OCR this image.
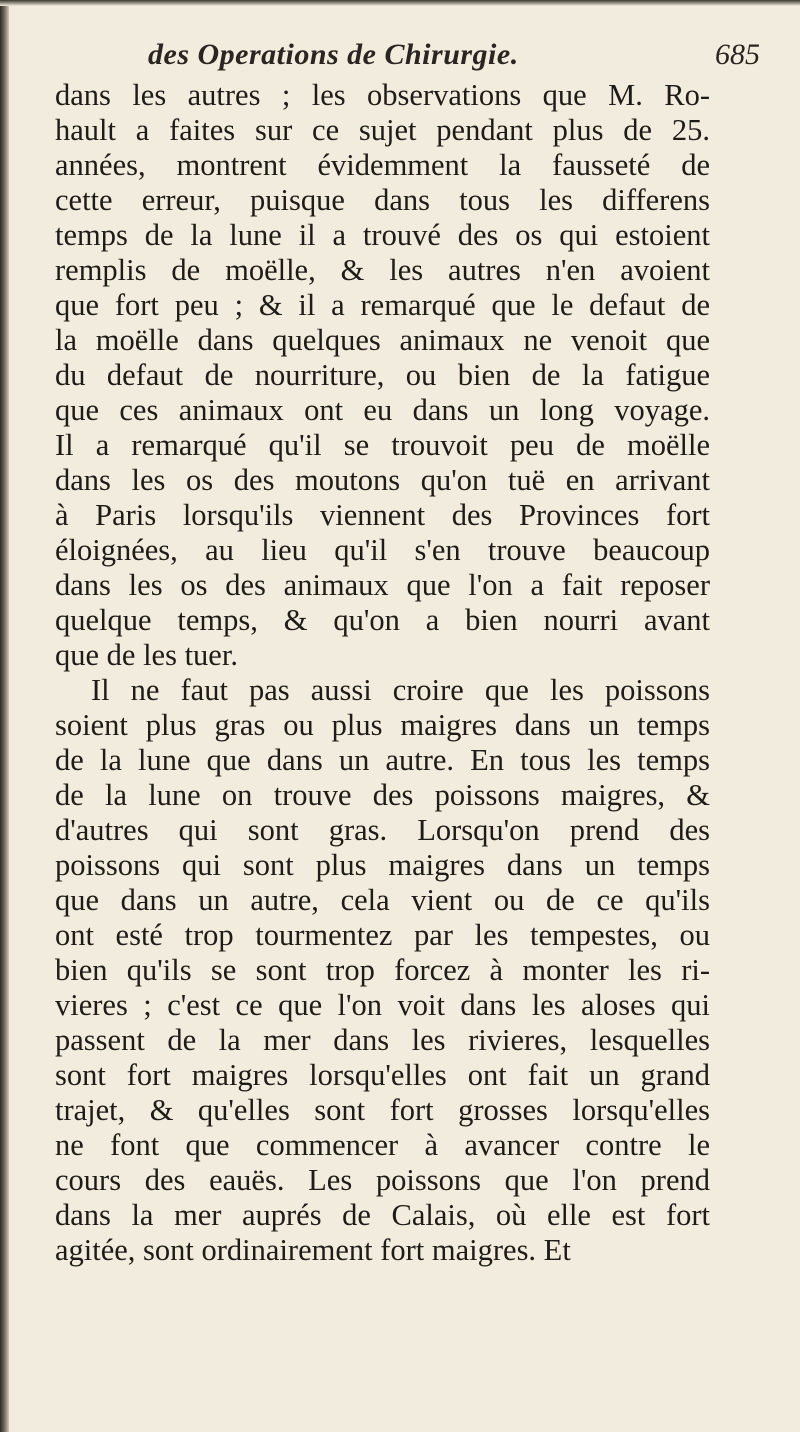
des Operations de Chirurgie.	685
dans les autres ; les observations que M. Ro-
hault a faites sur ce sujet pendant plus de 25.
années, montrent évidemment la fausseté de
cette erreur, puisque dans tous les differens
temps de la lune il a trouvé des os qui estoient
remplis de moëlle, & les autres n'en avoient
que fort peu ; & il a remarqué que le defaut de
la moëlle dans quelques animaux ne venoit que
du defaut de nourriture, ou bien de la fatigue
que ces animaux ont eu dans un long voyage.
Il a remarqué qu'il se trouvoit peu de moëlle
dans les os des moutons qu'on tuë en arrivant
à Paris lorsqu'ils viennent des Provinces fort
éloignées, au lieu qu'il s'en trouve beaucoup
dans les os des animaux que l'on a fait reposer
quelque temps, & qu'on a bien nourri avant
que de les tuer.
Il ne faut pas aussi croire que les poissons
soient plus gras ou plus maigres dans un temps
de la lune que dans un autre. En tous les temps
de la lune on trouve des poissons maigres, &
d'autres qui sont gras. Lorsqu'on prend des
poissons qui sont plus maigres dans un temps
que dans un autre, cela vient ou de ce qu'ils
ont esté trop tourmentez par les tempestes, ou
bien qu'ils se sont trop forcez à monter les ri-
vieres ; c'est ce que l'on voit dans les aloses qui
passent de la mer dans les rivieres, lesquelles
sont fort maigres lorsqu'elles ont fait un grand
trajet, & qu'elles sont fort grosses lorsqu'elles
ne font que commencer à avancer contre le
cours des eauës. Les poissons que l'on prend
dans la mer auprés de Calais, où elle est fort
agitée, sont ordinairement fort maigres. Et
